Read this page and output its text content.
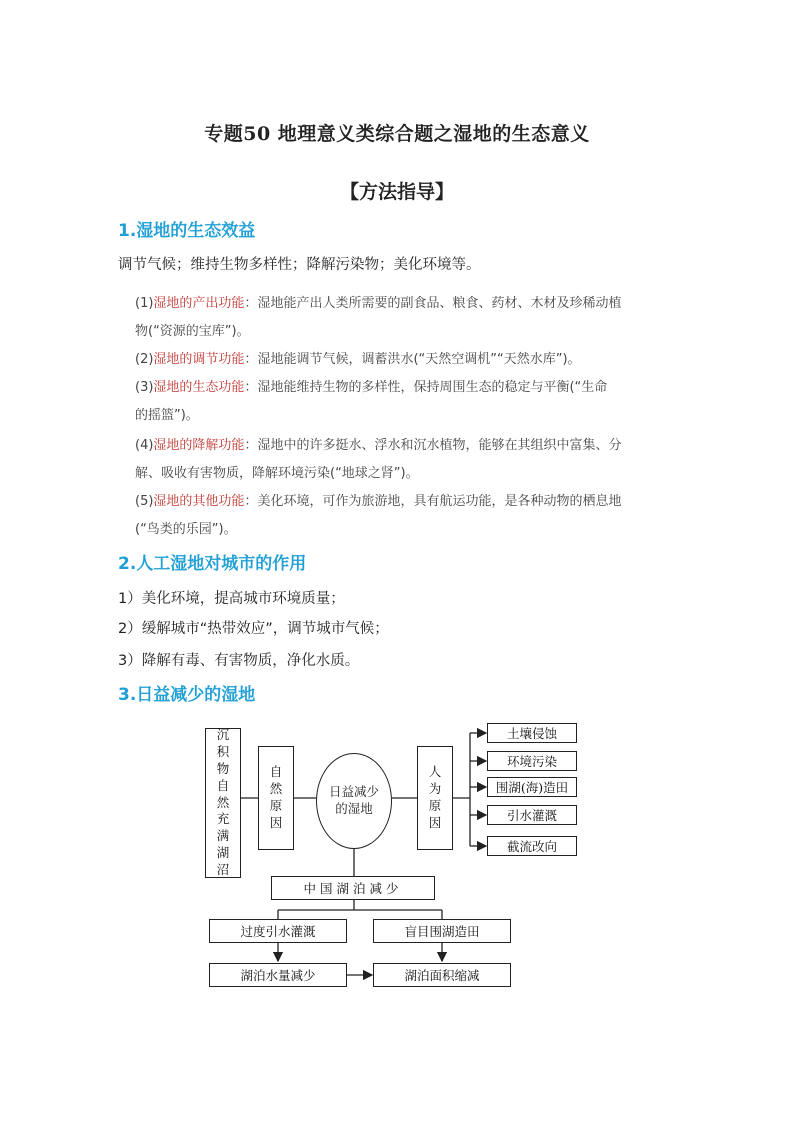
专题50 地理意义类综合题之湿地的生态意义
【方法指导】
1.湿地的生态效益
调节气候；维持生物多样性；降解污染物；美化环境等。
(1)湿地的产出功能：湿地能产出人类所需要的副食品、粮食、药材、木材及珍稀动植
物(“资源的宝库”)。
(2)湿地的调节功能：湿地能调节气候，调蓄洪水(“天然空调机”“天然水库”)。
(3)湿地的生态功能：湿地能维持生物的多样性，保持周围生态的稳定与平衡(“生命
的摇篮”)。
(4)湿地的降解功能：湿地中的许多挺水、浮水和沉水植物，能够在其组织中富集、分
解、吸收有害物质，降解环境污染(“地球之肾”)。
(5)湿地的其他功能：美化环境，可作为旅游地，具有航运功能，是各种动物的栖息地
(“鸟类的乐园”)。
2.人工湿地对城市的作用
1）美化环境，提高城市环境质量；
2）缓解城市“热带效应”，调节城市气候；
3）降解有毒、有害物质，净化水质。
3.日益减少的湿地
沉
积
物
自
然
充
满
湖
沼
自
然
原
因
日益减少
的湿地
人
为
原
因
土壤侵蚀
环境污染
围湖(海)造田
引水灌溉
截流改向
中国湖泊减少
过度引水灌溉	盲目围湖造田
湖泊水量减少	湖泊面积缩减
